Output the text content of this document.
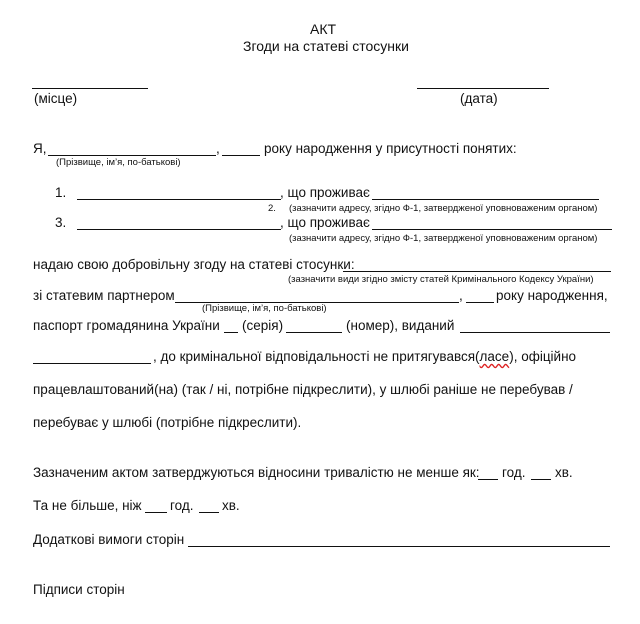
АКТ
Згоди на статеві стосунки
(місце)	(дата)
Я,	,	року народження у присутності понятих:
(Прізвище, ім’я, по-батькові)
1.	, що проживає
2. (зазначити адресу, згідно Ф-1, затвердженої уповноваженим органом)
3.	, що проживає
(зазначити адресу, згідно Ф-1, затвердженої уповноваженим органом)
надаю свою добровільну згоду на статеві стосунки:
(зазначити види згідно змісту статей Кримінального Кодексу України)
зі статевим партнером	, року народження,
(Прізвище, ім’я, по-батькові)
паспорт громадянина України (серія)	(номер), виданий
, до кримінальної відповідальності не притягувався(ласе), офіційно
працевлаштований(на) (так / ні, потрібне підкреслити), у шлюбі раніше не перебував /
перебуває у шлюбі (потрібне підкреслити).
Зазначеним актом затверджуються відносини тривалістю не менше як: год. хв.
Та не більше, ніж год. хв.
Додаткові вимоги сторін
Підписи сторін
